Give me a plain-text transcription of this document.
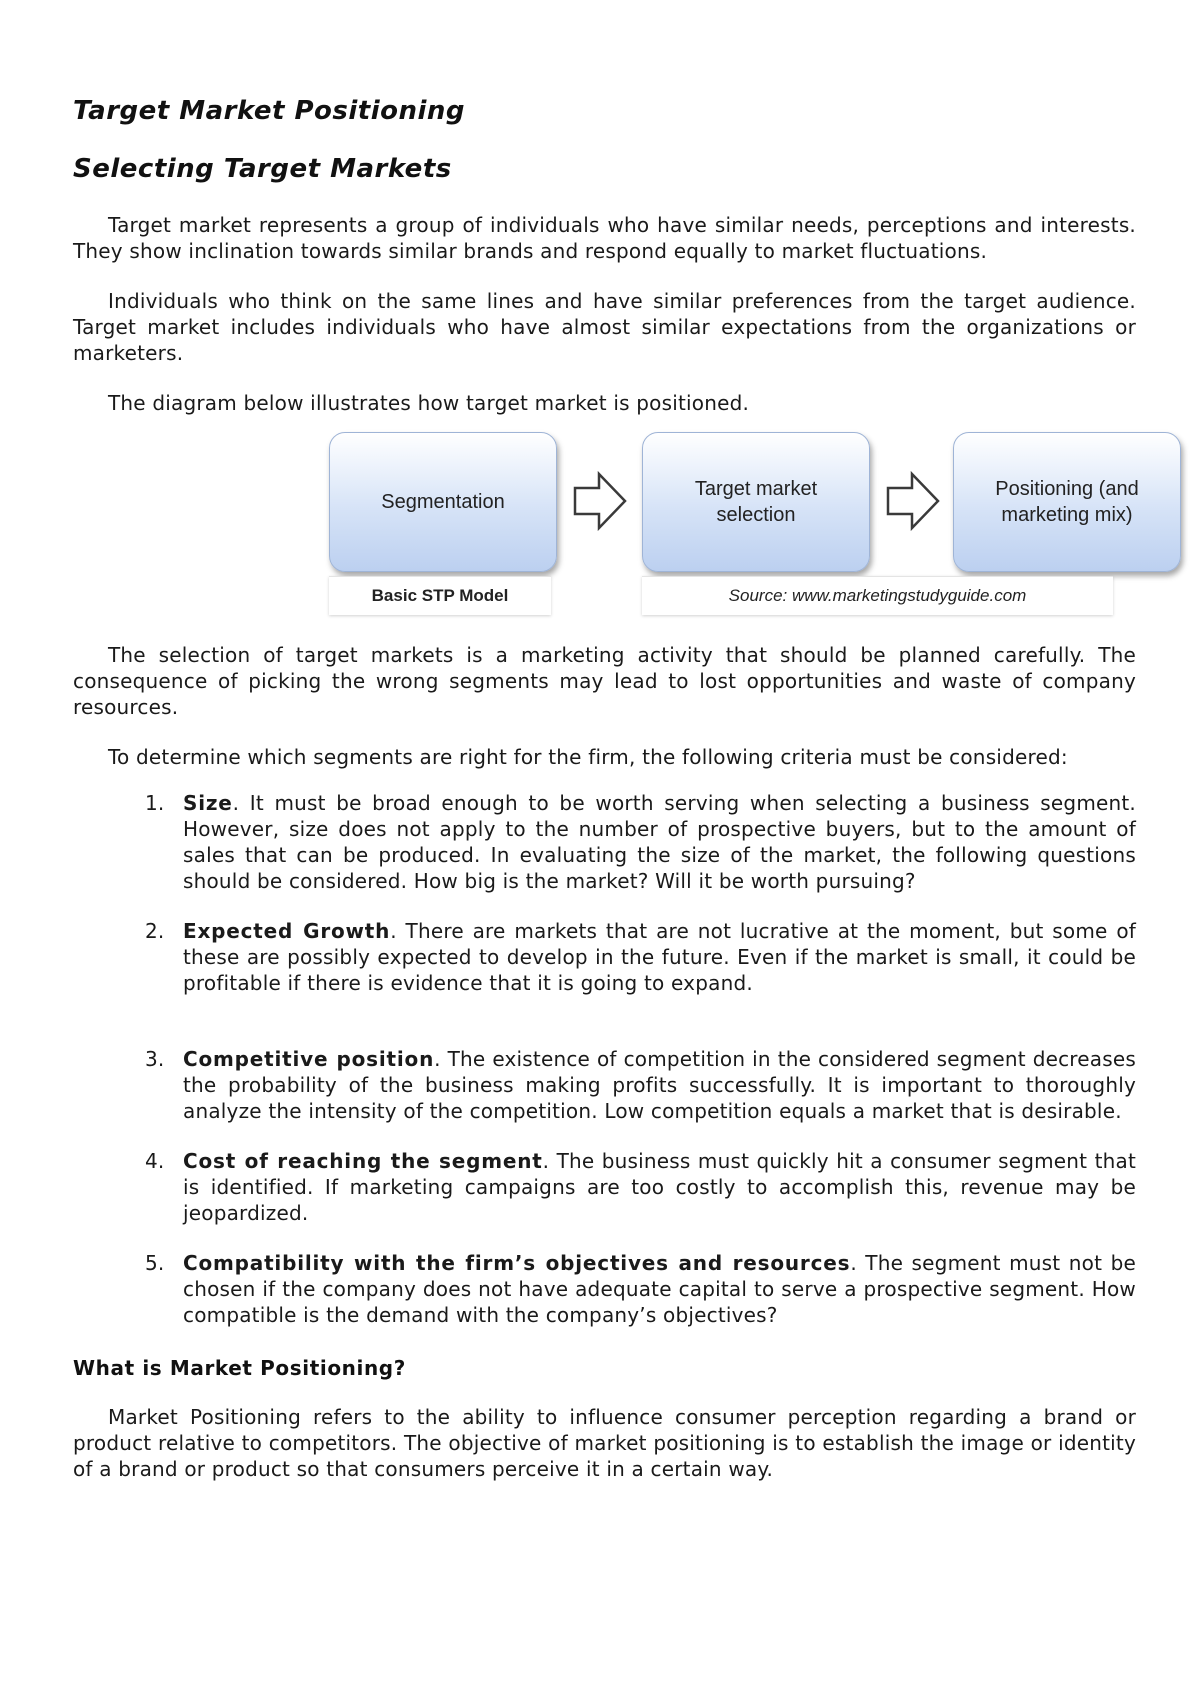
Target Market Positioning
Selecting Target Markets

Target market represents a group of individuals who have similar needs, perceptions and interests. They show inclination towards similar brands and respond equally to market fluctuations.

Individuals who think on the same lines and have similar preferences from the target audience. Target market includes individuals who have almost similar expectations from the organizations or marketers.

The diagram below illustrates how target market is positioned.

Segmentation
Target market selection
Positioning (and marketing mix)
Basic STP Model	Source: www.marketingstudyguide.com

The selection of target markets is a marketing activity that should be planned carefully. The consequence of picking the wrong segments may lead to lost opportunities and waste of company resources.

To determine which segments are right for the firm, the following criteria must be considered:

1. Size. It must be broad enough to be worth serving when selecting a business segment. However, size does not apply to the number of prospective buyers, but to the amount of sales that can be produced. In evaluating the size of the market, the following questions should be considered. How big is the market? Will it be worth pursuing?
2. Expected Growth. There are markets that are not lucrative at the moment, but some of these are possibly expected to develop in the future. Even if the market is small, it could be profitable if there is evidence that it is going to expand.
3. Competitive position. The existence of competition in the considered segment decreases the probability of the business making profits successfully. It is important to thoroughly analyze the intensity of the competition. Low competition equals a market that is desirable.
4. Cost of reaching the segment. The business must quickly hit a consumer segment that is identified. If marketing campaigns are too costly to accomplish this, revenue may be jeopardized.
5. Compatibility with the firm’s objectives and resources. The segment must not be chosen if the company does not have adequate capital to serve a prospective segment. How compatible is the demand with the company’s objectives?
What is Market Positioning?

Market Positioning refers to the ability to influence consumer perception regarding a brand or product relative to competitors. The objective of market positioning is to establish the image or identity of a brand or product so that consumers perceive it in a certain way.
